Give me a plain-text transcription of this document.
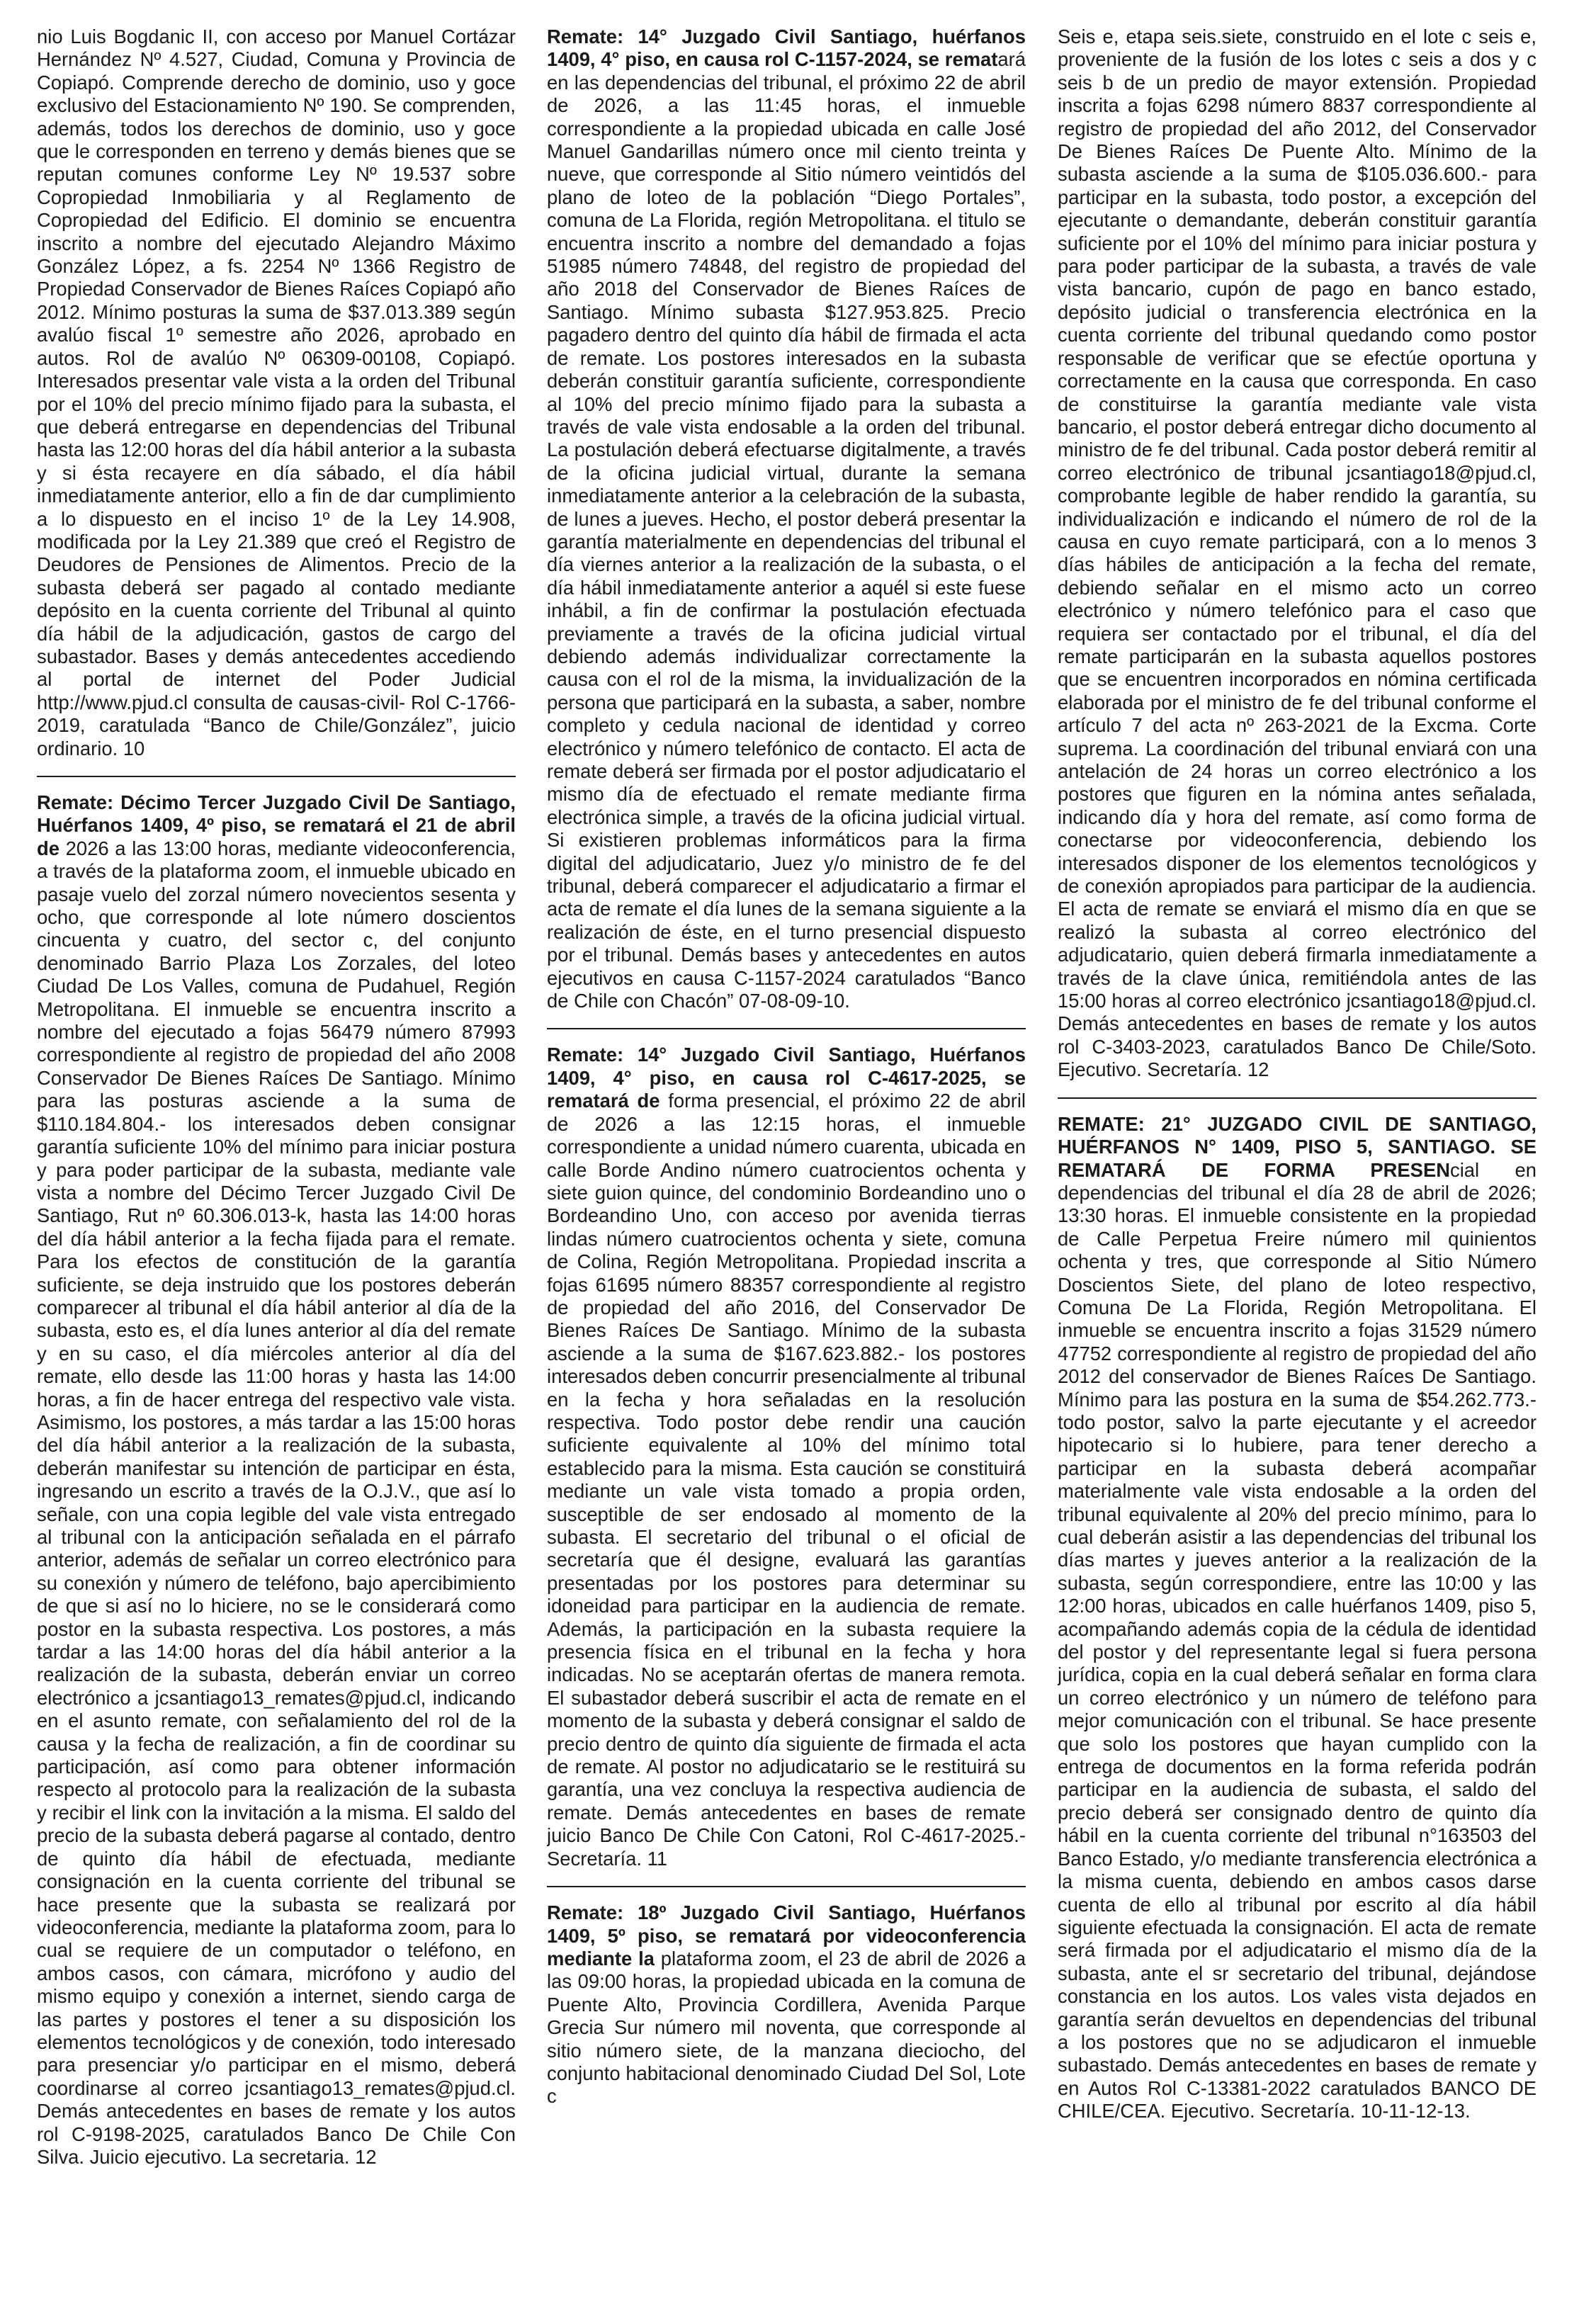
nio Luis Bogdanic II, con acceso por Manuel Cortázar Hernández Nº 4.527, Ciudad, Comuna y Provincia de Copiapó. Comprende derecho de dominio, uso y goce exclusivo del Estacionamiento Nº 190. Se comprenden, además, todos los derechos de dominio, uso y goce que le corresponden en terreno y demás bienes que se reputan comunes conforme Ley Nº 19.537 sobre Copropiedad Inmobiliaria y al Reglamento de Copropiedad del Edificio. El dominio se encuentra inscrito a nombre del ejecutado Alejandro Máximo González López, a fs. 2254 Nº 1366 Registro de Propiedad Conservador de Bienes Raíces Copiapó año 2012. Mínimo posturas la suma de $37.013.389 según avalúo fiscal 1º semestre año 2026, aprobado en autos. Rol de avalúo Nº 06309-00108, Copiapó. Interesados presentar vale vista a la orden del Tribunal por el 10% del precio mínimo fijado para la subasta, el que deberá entregarse en dependencias del Tribunal hasta las 12:00 horas del día hábil anterior a la subasta y si ésta recayere en día sábado, el día hábil inmediatamente anterior, ello a fin de dar cumplimiento a lo dispuesto en el inciso 1º de la Ley 14.908, modificada por la Ley 21.389 que creó el Registro de Deudores de Pensiones de Alimentos. Precio de la subasta deberá ser pagado al contado mediante depósito en la cuenta corriente del Tribunal al quinto día hábil de la adjudicación, gastos de cargo del subastador. Bases y demás antecedentes accediendo al portal de internet del Poder Judicial http://www.pjud.cl consulta de causas-civil- Rol C-1766-2019, caratulada “Banco de Chile/González”, juicio ordinario. 10

Remate: Décimo Tercer Juzgado Civil De Santiago, Huérfanos 1409, 4º piso, se rematará el 21 de abril de 2026 a las 13:00 horas, mediante videoconferencia, a través de la plataforma zoom, el inmueble ubicado en pasaje vuelo del zorzal número novecientos sesenta y ocho, que corresponde al lote número doscientos cincuenta y cuatro, del sector c, del conjunto denominado Barrio Plaza Los Zorzales, del loteo Ciudad De Los Valles, comuna de Pudahuel, Región Metropolitana. El inmueble se encuentra inscrito a nombre del ejecutado a fojas 56479 número 87993 correspondiente al registro de propiedad del año 2008 Conservador De Bienes Raíces De Santiago. Mínimo para las posturas asciende a la suma de $110.184.804.- los interesados deben consignar garantía suficiente 10% del mínimo para iniciar postura y para poder participar de la subasta, mediante vale vista a nombre del Décimo Tercer Juzgado Civil De Santiago, Rut nº 60.306.013-k, hasta las 14:00 horas del día hábil anterior a la fecha fijada para el remate. Para los efectos de constitución de la garantía suficiente, se deja instruido que los postores deberán comparecer al tribunal el día hábil anterior al día de la subasta, esto es, el día lunes anterior al día del remate y en su caso, el día miércoles anterior al día del remate, ello desde las 11:00 horas y hasta las 14:00 horas, a fin de hacer entrega del respectivo vale vista. Asimismo, los postores, a más tardar a las 15:00 horas del día hábil anterior a la realización de la subasta, deberán manifestar su intención de participar en ésta, ingresando un escrito a través de la O.J.V., que así lo señale, con una copia legible del vale vista entregado al tribunal con la anticipación señalada en el párrafo anterior, además de señalar un correo electrónico para su conexión y número de teléfono, bajo apercibimiento de que si así no lo hiciere, no se le considerará como postor en la subasta respectiva. Los postores, a más tardar a las 14:00 horas del día hábil anterior a la realización de la subasta, deberán enviar un correo electrónico a jcsantiago13_remates@pjud.cl, indicando en el asunto remate, con señalamiento del rol de la causa y la fecha de realización, a fin de coordinar su participación, así como para obtener información respecto al protocolo para la realización de la subasta y recibir el link con la invitación a la misma. El saldo del precio de la subasta deberá pagarse al contado, dentro de quinto día hábil de efectuada, mediante consignación en la cuenta corriente del tribunal se hace presente que la subasta se realizará por videoconferencia, mediante la plataforma zoom, para lo cual se requiere de un computador o teléfono, en ambos casos, con cámara, micrófono y audio del mismo equipo y conexión a internet, siendo carga de las partes y postores el tener a su disposición los elementos tecnológicos y de conexión, todo interesado para presenciar y/o participar en el mismo, deberá coordinarse al correo jcsantiago13_remates@pjud.cl. Demás antecedentes en bases de remate y los autos rol C-9198-2025, caratulados Banco De Chile Con Silva. Juicio ejecutivo. La secretaria. 12

Remate: 14° Juzgado Civil Santiago, huérfanos 1409, 4° piso, en causa rol C-1157-2024, se rematará en las dependencias del tribunal, el próximo 22 de abril de 2026, a las 11:45 horas, el inmueble correspondiente a la propiedad ubicada en calle José Manuel Gandarillas número once mil ciento treinta y nueve, que corresponde al Sitio número veintidós del plano de loteo de la población “Diego Portales”, comuna de La Florida, región Metropolitana. el titulo se encuentra inscrito a nombre del demandado a fojas 51985 número 74848, del registro de propiedad del año 2018 del Conservador de Bienes Raíces de Santiago. Mínimo subasta $127.953.825. Precio pagadero dentro del quinto día hábil de firmada el acta de remate. Los postores interesados en la subasta deberán constituir garantía suficiente, correspondiente al 10% del precio mínimo fijado para la subasta a través de vale vista endosable a la orden del tribunal. La postulación deberá efectuarse digitalmente, a través de la oficina judicial virtual, durante la semana inmediatamente anterior a la celebración de la subasta, de lunes a jueves. Hecho, el postor deberá presentar la garantía materialmente en dependencias del tribunal el día viernes anterior a la realización de la subasta, o el día hábil inmediatamente anterior a aquél si este fuese inhábil, a fin de confirmar la postulación efectuada previamente a través de la oficina judicial virtual debiendo además individualizar correctamente la causa con el rol de la misma, la invidualización de la persona que participará en la subasta, a saber, nombre completo y cedula nacional de identidad y correo electrónico y número telefónico de contacto. El acta de remate deberá ser firmada por el postor adjudicatario el mismo día de efectuado el remate mediante firma electrónica simple, a través de la oficina judicial virtual. Si existieren problemas informáticos para la firma digital del adjudicatario, Juez y/o ministro de fe del tribunal, deberá comparecer el adjudicatario a firmar el acta de remate el día lunes de la semana siguiente a la realización de éste, en el turno presencial dispuesto por el tribunal. Demás bases y antecedentes en autos ejecutivos en causa C-1157-2024 caratulados “Banco de Chile con Chacón” 07-08-09-10.

Remate: 14° Juzgado Civil Santiago, Huérfanos 1409, 4° piso, en causa rol C-4617-2025, se rematará de forma presencial, el próximo 22 de abril de 2026 a las 12:15 horas, el inmueble correspondiente a unidad número cuarenta, ubicada en calle Borde Andino número cuatrocientos ochenta y siete guion quince, del condominio Bordeandino uno o Bordeandino Uno, con acceso por avenida tierras lindas número cuatrocientos ochenta y siete, comuna de Colina, Región Metropolitana. Propiedad inscrita a fojas 61695 número 88357 correspondiente al registro de propiedad del año 2016, del Conservador De Bienes Raíces De Santiago. Mínimo de la subasta asciende a la suma de $167.623.882.- los postores interesados deben concurrir presencialmente al tribunal en la fecha y hora señaladas en la resolución respectiva. Todo postor debe rendir una caución suficiente equivalente al 10% del mínimo total establecido para la misma. Esta caución se constituirá mediante un vale vista tomado a propia orden, susceptible de ser endosado al momento de la subasta. El secretario del tribunal o el oficial de secretaría que él designe, evaluará las garantías presentadas por los postores para determinar su idoneidad para participar en la audiencia de remate. Además, la participación en la subasta requiere la presencia física en el tribunal en la fecha y hora indicadas. No se aceptarán ofertas de manera remota. El subastador deberá suscribir el acta de remate en el momento de la subasta y deberá consignar el saldo de precio dentro de quinto día siguiente de firmada el acta de remate. Al postor no adjudicatario se le restituirá su garantía, una vez concluya la respectiva audiencia de remate. Demás antecedentes en bases de remate juicio Banco De Chile Con Catoni, Rol C-4617-2025.- Secretaría. 11

Remate: 18º Juzgado Civil Santiago, Huérfanos 1409, 5º piso, se rematará por videoconferencia mediante la plataforma zoom, el 23 de abril de 2026 a las 09:00 horas, la propiedad ubicada en la comuna de Puente Alto, Provincia Cordillera, Avenida Parque Grecia Sur número mil noventa, que corresponde al sitio número siete, de la manzana dieciocho, del conjunto habitacional denominado Ciudad Del Sol, Lote c

Seis e, etapa seis.siete, construido en el lote c seis e, proveniente de la fusión de los lotes c seis a dos y c seis b de un predio de mayor extensión. Propiedad inscrita a fojas 6298 número 8837 correspondiente al registro de propiedad del año 2012, del Conservador De Bienes Raíces De Puente Alto. Mínimo de la subasta asciende a la suma de $105.036.600.- para participar en la subasta, todo postor, a excepción del ejecutante o demandante, deberán constituir garantía suficiente por el 10% del mínimo para iniciar postura y para poder participar de la subasta, a través de vale vista bancario, cupón de pago en banco estado, depósito judicial o transferencia electrónica en la cuenta corriente del tribunal quedando como postor responsable de verificar que se efectúe oportuna y correctamente en la causa que corresponda. En caso de constituirse la garantía mediante vale vista bancario, el postor deberá entregar dicho documento al ministro de fe del tribunal. Cada postor deberá remitir al correo electrónico de tribunal jcsantiago18@pjud.cl, comprobante legible de haber rendido la garantía, su individualización e indicando el número de rol de la causa en cuyo remate participará, con a lo menos 3 días hábiles de anticipación a la fecha del remate, debiendo señalar en el mismo acto un correo electrónico y número telefónico para el caso que requiera ser contactado por el tribunal, el día del remate participarán en la subasta aquellos postores que se encuentren incorporados en nómina certificada elaborada por el ministro de fe del tribunal conforme el artículo 7 del acta nº 263-2021 de la Excma. Corte suprema. La coordinación del tribunal enviará con una antelación de 24 horas un correo electrónico a los postores que figuren en la nómina antes señalada, indicando día y hora del remate, así como forma de conectarse por videoconferencia, debiendo los interesados disponer de los elementos tecnológicos y de conexión apropiados para participar de la audiencia. El acta de remate se enviará el mismo día en que se realizó la subasta al correo electrónico del adjudicatario, quien deberá firmarla inmediatamente a través de la clave única, remitiéndola antes de las 15:00 horas al correo electrónico jcsantiago18@pjud.cl. Demás antecedentes en bases de remate y los autos rol C-3403-2023, caratulados Banco De Chile/Soto. Ejecutivo. Secretaría. 12

REMATE: 21° JUZGADO CIVIL DE SANTIAGO, HUÉRFANOS N° 1409, PISO 5, SANTIAGO. SE REMATARÁ DE FORMA PRESENcial en dependencias del tribunal el día 28 de abril de 2026; 13:30 horas. El inmueble consistente en la propiedad de Calle Perpetua Freire número mil quinientos ochenta y tres, que corresponde al Sitio Número Doscientos Siete, del plano de loteo respectivo, Comuna De La Florida, Región Metropolitana. El inmueble se encuentra inscrito a fojas 31529 número 47752 correspondiente al registro de propiedad del año 2012 del conservador de Bienes Raíces De Santiago. Mínimo para las postura en la suma de $54.262.773.- todo postor, salvo la parte ejecutante y el acreedor hipotecario si lo hubiere, para tener derecho a participar en la subasta deberá acompañar materialmente vale vista endosable a la orden del tribunal equivalente al 20% del precio mínimo, para lo cual deberán asistir a las dependencias del tribunal los días martes y jueves anterior a la realización de la subasta, según correspondiere, entre las 10:00 y las 12:00 horas, ubicados en calle huérfanos 1409, piso 5, acompañando además copia de la cédula de identidad del postor y del representante legal si fuera persona jurídica, copia en la cual deberá señalar en forma clara un correo electrónico y un número de teléfono para mejor comunicación con el tribunal. Se hace presente que solo los postores que hayan cumplido con la entrega de documentos en la forma referida podrán participar en la audiencia de subasta, el saldo del precio deberá ser consignado dentro de quinto día hábil en la cuenta corriente del tribunal n°163503 del Banco Estado, y/o mediante transferencia electrónica a la misma cuenta, debiendo en ambos casos darse cuenta de ello al tribunal por escrito al día hábil siguiente efectuada la consignación. El acta de remate será firmada por el adjudicatario el mismo día de la subasta, ante el sr secretario del tribunal, dejándose constancia en los autos. Los vales vista dejados en garantía serán devueltos en dependencias del tribunal a los postores que no se adjudicaron el inmueble subastado. Demás antecedentes en bases de remate y en Autos Rol C-13381-2022 caratulados BANCO DE CHILE/CEA. Ejecutivo. Secretaría. 10-11-12-13.
